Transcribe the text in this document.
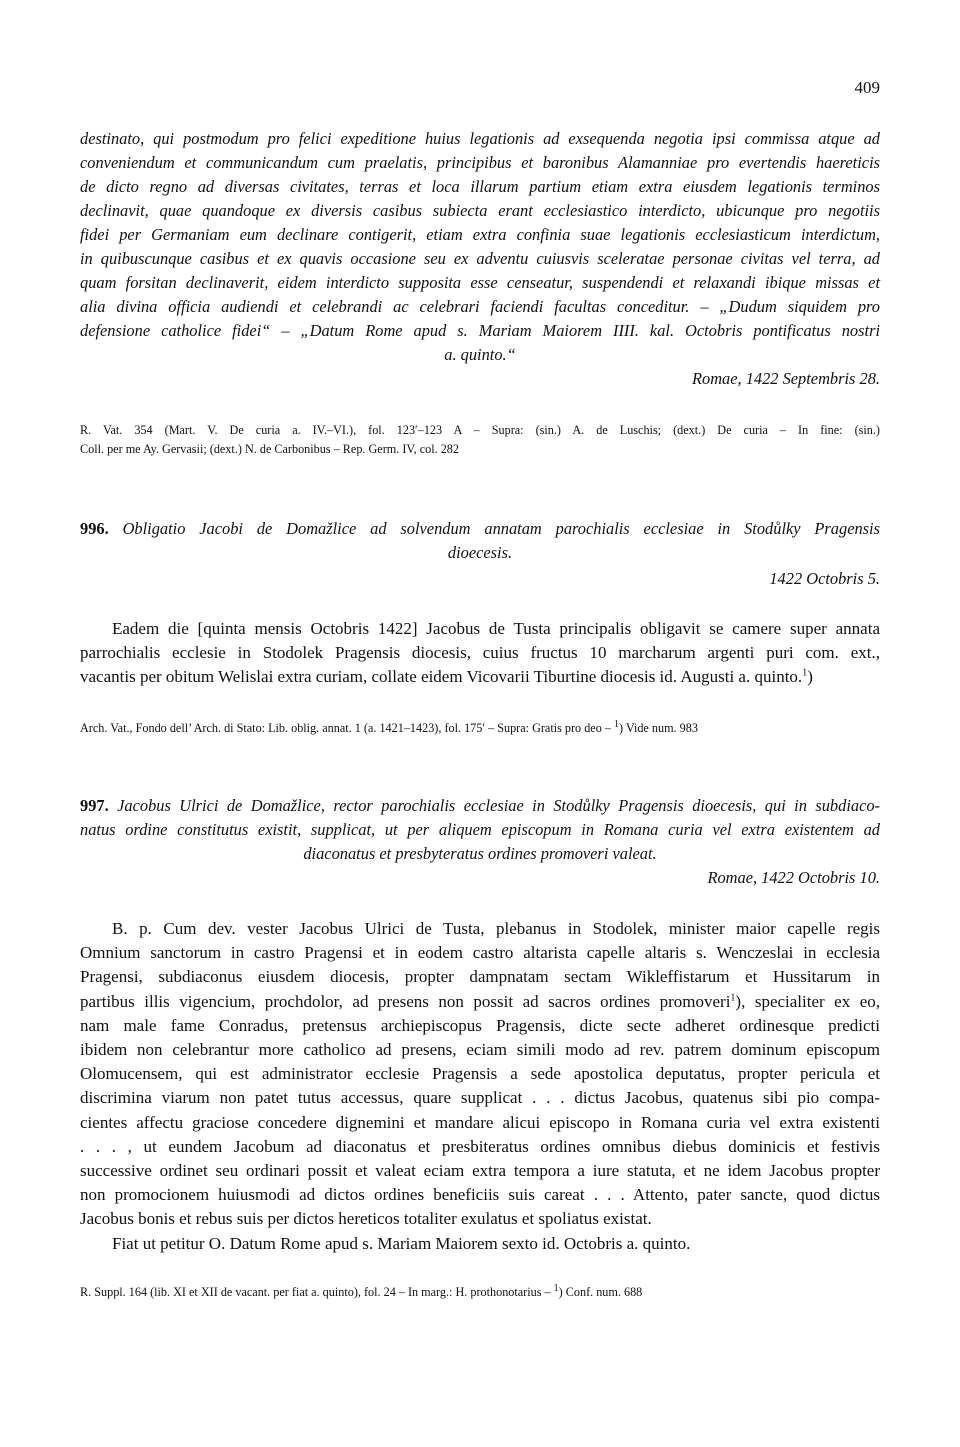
409
destinato, qui postmodum pro felici expeditione huius legationis ad exsequenda negotia ipsi commissa atque ad
conveniendum et communicandum cum praelatis, principibus et baronibus Alamanniae pro evertendis haereticis
de dicto regno ad diversas civitates, terras et loca illarum partium etiam extra eiusdem legationis terminos
declinavit, quae quandoque ex diversis casibus subiecta erant ecclesiastico interdicto, ubicunque pro negotiis
fidei per Germaniam eum declinare contigerit, etiam extra confinia suae legationis ecclesiasticum interdictum,
in quibuscunque casibus et ex quavis occasione seu ex adventu cuiusvis sceleratae personae civitas vel terra, ad
quam forsitan declinaverit, eidem interdicto supposita esse censeatur, suspendendi et relaxandi ibique missas et
alia divina officia audiendi et celebrandi ac celebrari faciendi facultas conceditur. – „Dudum siquidem pro
defensione catholice fidei“ – „Datum Rome apud s. Mariam Maiorem IIII. kal. Octobris pontificatus nostri
a. quinto.“
Romae, 1422 Septembris 28.
R. Vat. 354 (Mart. V. De curia a. IV.–VI.), fol. 123′–123 A – Supra: (sin.) A. de Luschis; (dext.) De curia – In fine: (sin.)
Coll. per me Ay. Gervasii; (dext.) N. de Carbonibus – Rep. Germ. IV, col. 282
996. Obligatio Jacobi de Domažlice ad solvendum annatam parochialis ecclesiae in Stodůlky Pragensis
dioecesis.
1422 Octobris 5.
Eadem die [quinta mensis Octobris 1422] Jacobus de Tusta principalis obligavit se camere super annata
parrochialis ecclesie in Stodolek Pragensis diocesis, cuius fructus 10 marcharum argenti puri com. ext.,
vacantis per obitum Welislai extra curiam, collate eidem Vicovarii Tiburtine diocesis id. Augusti a. quinto.$^1$)
Arch. Vat., Fondo dell’ Arch. di Stato: Lib. oblig. annat. 1 (a. 1421–1423), fol. 175′ – Supra: Gratis pro deo – $^1$) Vide num. 983
997. Jacobus Ulrici de Domažlice, rector parochialis ecclesiae in Stodůlky Pragensis dioecesis, qui in subdiaco-
natus ordine constitutus existit, supplicat, ut per aliquem episcopum in Romana curia vel extra existentem ad
diaconatus et presbyteratus ordines promoveri valeat.
Romae, 1422 Octobris 10.
B. p. Cum dev. vester Jacobus Ulrici de Tusta, plebanus in Stodolek, minister maior capelle regis
Omnium sanctorum in castro Pragensi et in eodem castro altarista capelle altaris s. Wenczeslai in ecclesia
Pragensi, subdiaconus eiusdem diocesis, propter dampnatam sectam Wikleffistarum et Hussitarum in
partibus illis vigencium, prochdolor, ad presens non possit ad sacros ordines promoveri$^1$), specialiter ex eo,
nam male fame Conradus, pretensus archiepiscopus Pragensis, dicte secte adheret ordinesque predicti
ibidem non celebrantur more catholico ad presens, eciam simili modo ad rev. patrem dominum episcopum
Olomucensem, qui est administrator ecclesie Pragensis a sede apostolica deputatus, propter pericula et
discrimina viarum non patet tutus accessus, quare supplicat . . . dictus Jacobus, quatenus sibi pio compa-
cientes affectu graciose concedere dignemini et mandare alicui episcopo in Romana curia vel extra existenti
. . . , ut eundem Jacobum ad diaconatus et presbiteratus ordines omnibus diebus dominicis et festivis
successive ordinet seu ordinari possit et valeat eciam extra tempora a iure statuta, et ne idem Jacobus propter
non promocionem huiusmodi ad dictos ordines beneficiis suis careat . . . Attento, pater sancte, quod dictus
Jacobus bonis et rebus suis per dictos hereticos totaliter exulatus et spoliatus existat.
Fiat ut petitur O. Datum Rome apud s. Mariam Maiorem sexto id. Octobris a. quinto.
R. Suppl. 164 (lib. XI et XII de vacant. per fiat a. quinto), fol. 24 – In marg.: H. prothonotarius – $^1$) Conf. num. 688
